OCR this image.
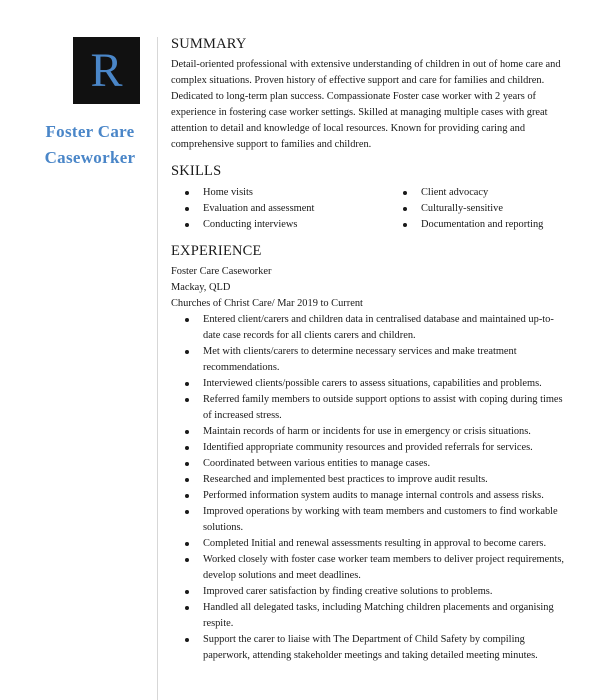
R
Foster Care
Caseworker
SUMMARY
Detail-oriented professional with extensive understanding of children in out of home care and complex situations. Proven history of effective support and care for families and children. Dedicated to long-term plan success. Compassionate Foster case worker with 2 years of experience in fostering case worker settings. Skilled at managing multiple cases with great attention to detail and knowledge of local resources. Known for providing caring and comprehensive support to families and children.
SKILLS
Home visits
Evaluation and assessment
Conducting interviews
Client advocacy
Culturally-sensitive
Documentation and reporting
EXPERIENCE
Foster Care Caseworker
Mackay, QLD
Churches of Christ Care/ Mar 2019 to Current
Entered client/carers and children data in centralised database and maintained up-to-date case records for all clients carers and children.
Met with clients/carers to determine necessary services and make treatment recommendations.
Interviewed clients/possible carers to assess situations, capabilities and problems.
Referred family members to outside support options to assist with coping during times of increased stress.
Maintain records of harm or incidents for use in emergency or crisis situations.
Identified appropriate community resources and provided referrals for services.
Coordinated between various entities to manage cases.
Researched and implemented best practices to improve audit results.
Performed information system audits to manage internal controls and assess risks.
Improved operations by working with team members and customers to find workable solutions.
Completed Initial and renewal assessments resulting in approval to become carers.
Worked closely with foster case worker team members to deliver project requirements, develop solutions and meet deadlines.
Improved carer satisfaction by finding creative solutions to problems.
Handled all delegated tasks, including Matching children placements and organising respite.
Support the carer to liaise with The Department of Child Safety by compiling paperwork, attending stakeholder meetings and taking detailed meeting minutes.
